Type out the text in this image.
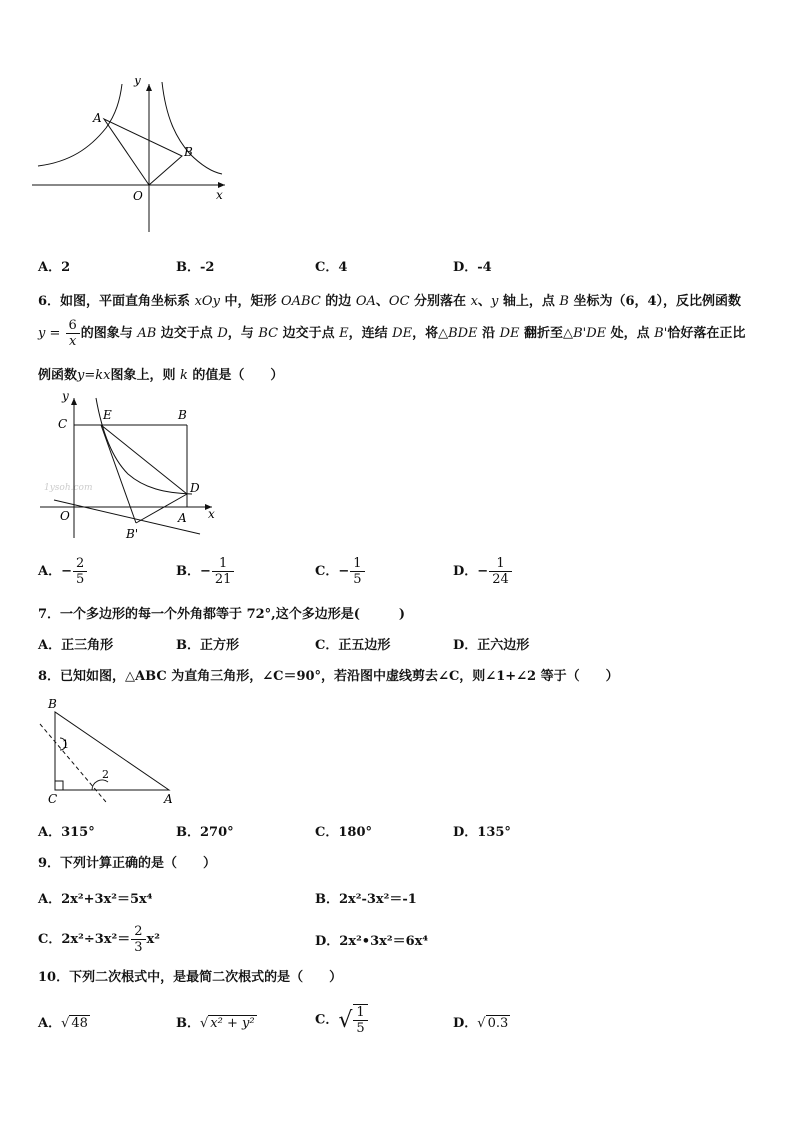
y
x
O
A
B
A．2	B．-2	C．4	D．-4
6．如图，平面直角坐标系 xOy 中，矩形 OABC 的边 OA、OC 分别落在 x、y 轴上，点 B 坐标为（6，4），反比例函数
$y = \frac{6}{x}$ 的图象与 AB 边交于点 D，与 BC 边交于点 E，连结 DE，将△BDE 沿 DE 翻折至△B'DE 处，点 B'恰好落在正比
例函数y=kx图象上，则 k 的值是（　　）
1ysoh.com
y
x
C
E	B
D
O	A
B'
A．− $\frac{2}{5}$	B．− $\frac{1}{21}$	C．− $\frac{1}{5}$	D．− $\frac{1}{24}$
7．一个多边形的每一个外角都等于 72°,这个多边形是(　　　)
A．正三角形	B．正方形	C．正五边形	D．正六边形
8．已知如图，△ABC 为直角三角形，∠C＝90°，若沿图中虚线剪去∠C，则∠1+∠2 等于（　　）
B
C	A
1
2
A．315°	B．270°	C．180°	D．135°
9．下列计算正确的是（　　）
A．2x²+3x²＝5x⁴	B．2x²-3x²＝-1
C．$2x^2\div 3x^2= \frac{2}{3} x^2$	D．2x²•3x²＝6x⁴
10．下列二次根式中，是最简二次根式的是（　　）
A．√ 48	B．√ x² + y²	C．√ $\frac{1}{5}$	D．√ 0.3
